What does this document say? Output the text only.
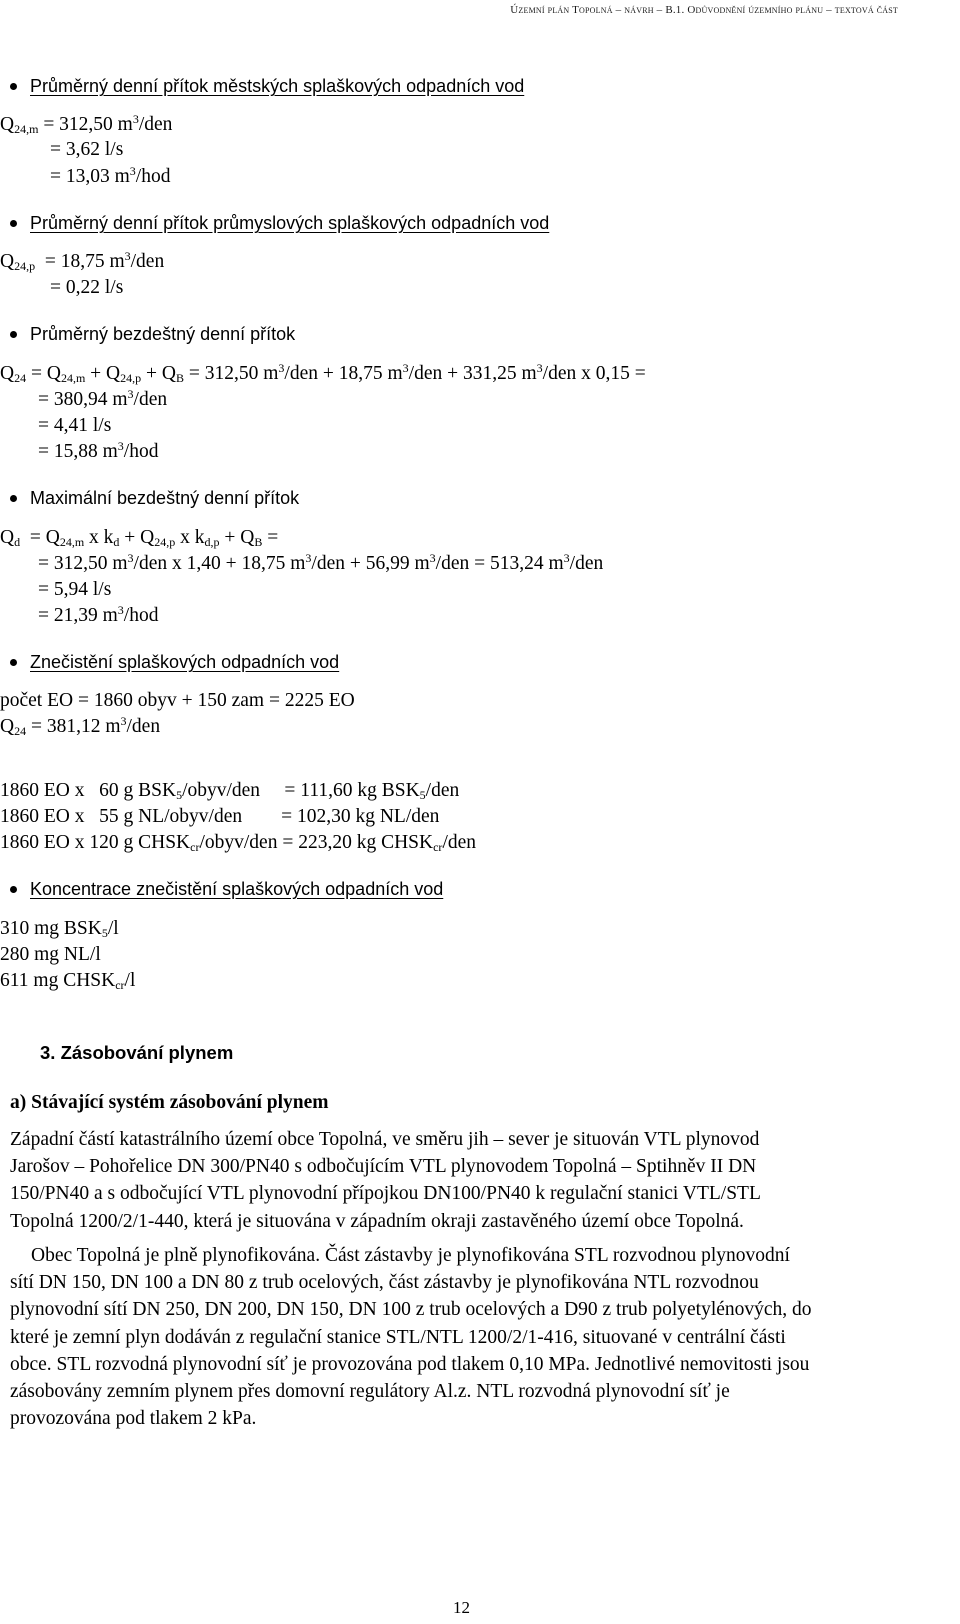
Územní plán Topolná – návrh – B.1. Odůvodnění územního plánu – textová část
Průměrný denní přítok městských splaškových odpadních vod
$Q_{24,m} = 312,50$ $m^3$/den
= 3,62 l/s
= 13,03 $m^3$/hod
Průměrný denní přítok průmyslových splaškových odpadních vod
$Q_{24,p} = 18,75$ $m^3$/den
= 0,22 l/s
Průměrný bezdeštný denní přítok
$Q_{24} = Q_{24,m} + Q_{24,p} + Q_B = 312,50$ $m^3$/den + 18,75 $m^3$/den + 331,25 $m^3$/den x 0,15 =
= 380,94 $m^3$/den
= 4,41 l/s
= 15,88 $m^3$/hod
Maximální bezdeštný denní přítok
$Q_d = Q_{24,m}$ x $k_d + Q_{24,p}$ x $k_{d,p} + Q_B$ =
= 312,50 $m^3$/den x 1,40 + 18,75 $m^3$/den + 56,99 $m^3$/den = 513,24 $m^3$/den
= 5,94 l/s
= 21,39 $m^3$/hod
Znečistění splaškových odpadních vod
počet EO = 1860 obyv + 150 zam = 2225 EO
$Q_{24} = 381,12$ $m^3$/den
1860 EO x   60 g $BSK_5/obyv$/den     = 111,60 kg $BSK_5$/den
1860 EO x   55 g NL/obyv/den        = 102,30 kg NL/den
1860 EO x 120 g $CHSK_{cr}/obyv$/den = 223,20 kg $CHSK_{cr}$/den
Koncentrace znečistění splaškových odpadních vod
310 mg $BSK_5/l$
280 mg NL/l
611 mg $CHSK_{cr}/l$
3. Zásobování plynem
a) Stávající systém zásobování plynem
Západní částí katastrálního území obce Topolná, ve směru jih – sever je situován VTL plynovod
Jarošov – Pohořelice DN 300/PN40 s odbočujícím VTL plynovodem Topolná – Sptihněv II DN
150/PN40 a s odbočující VTL plynovodní přípojkou DN100/PN40 k regulační stanici VTL/STL
Topolná 1200/2/1-440, která je situována v západním okraji zastavěného území obce Topolná.
Obec Topolná je plně plynofikována. Část zástavby je plynofikována STL rozvodnou plynovodní
sítí DN 150, DN 100 a DN 80 z trub ocelových, část zástavby je plynofikována NTL rozvodnou
plynovodní sítí DN 250, DN 200, DN 150, DN 100 z trub ocelových a D90 z trub polyetylénových, do
které je zemní plyn dodáván z regulační stanice STL/NTL 1200/2/1-416, situované v centrální části
obce. STL rozvodná plynovodní síť je provozována pod tlakem 0,10 MPa. Jednotlivé nemovitosti jsou
zásobovány zemním plynem přes domovní regulátory Al.z. NTL rozvodná plynovodní síť je
provozována pod tlakem 2 kPa.
12
